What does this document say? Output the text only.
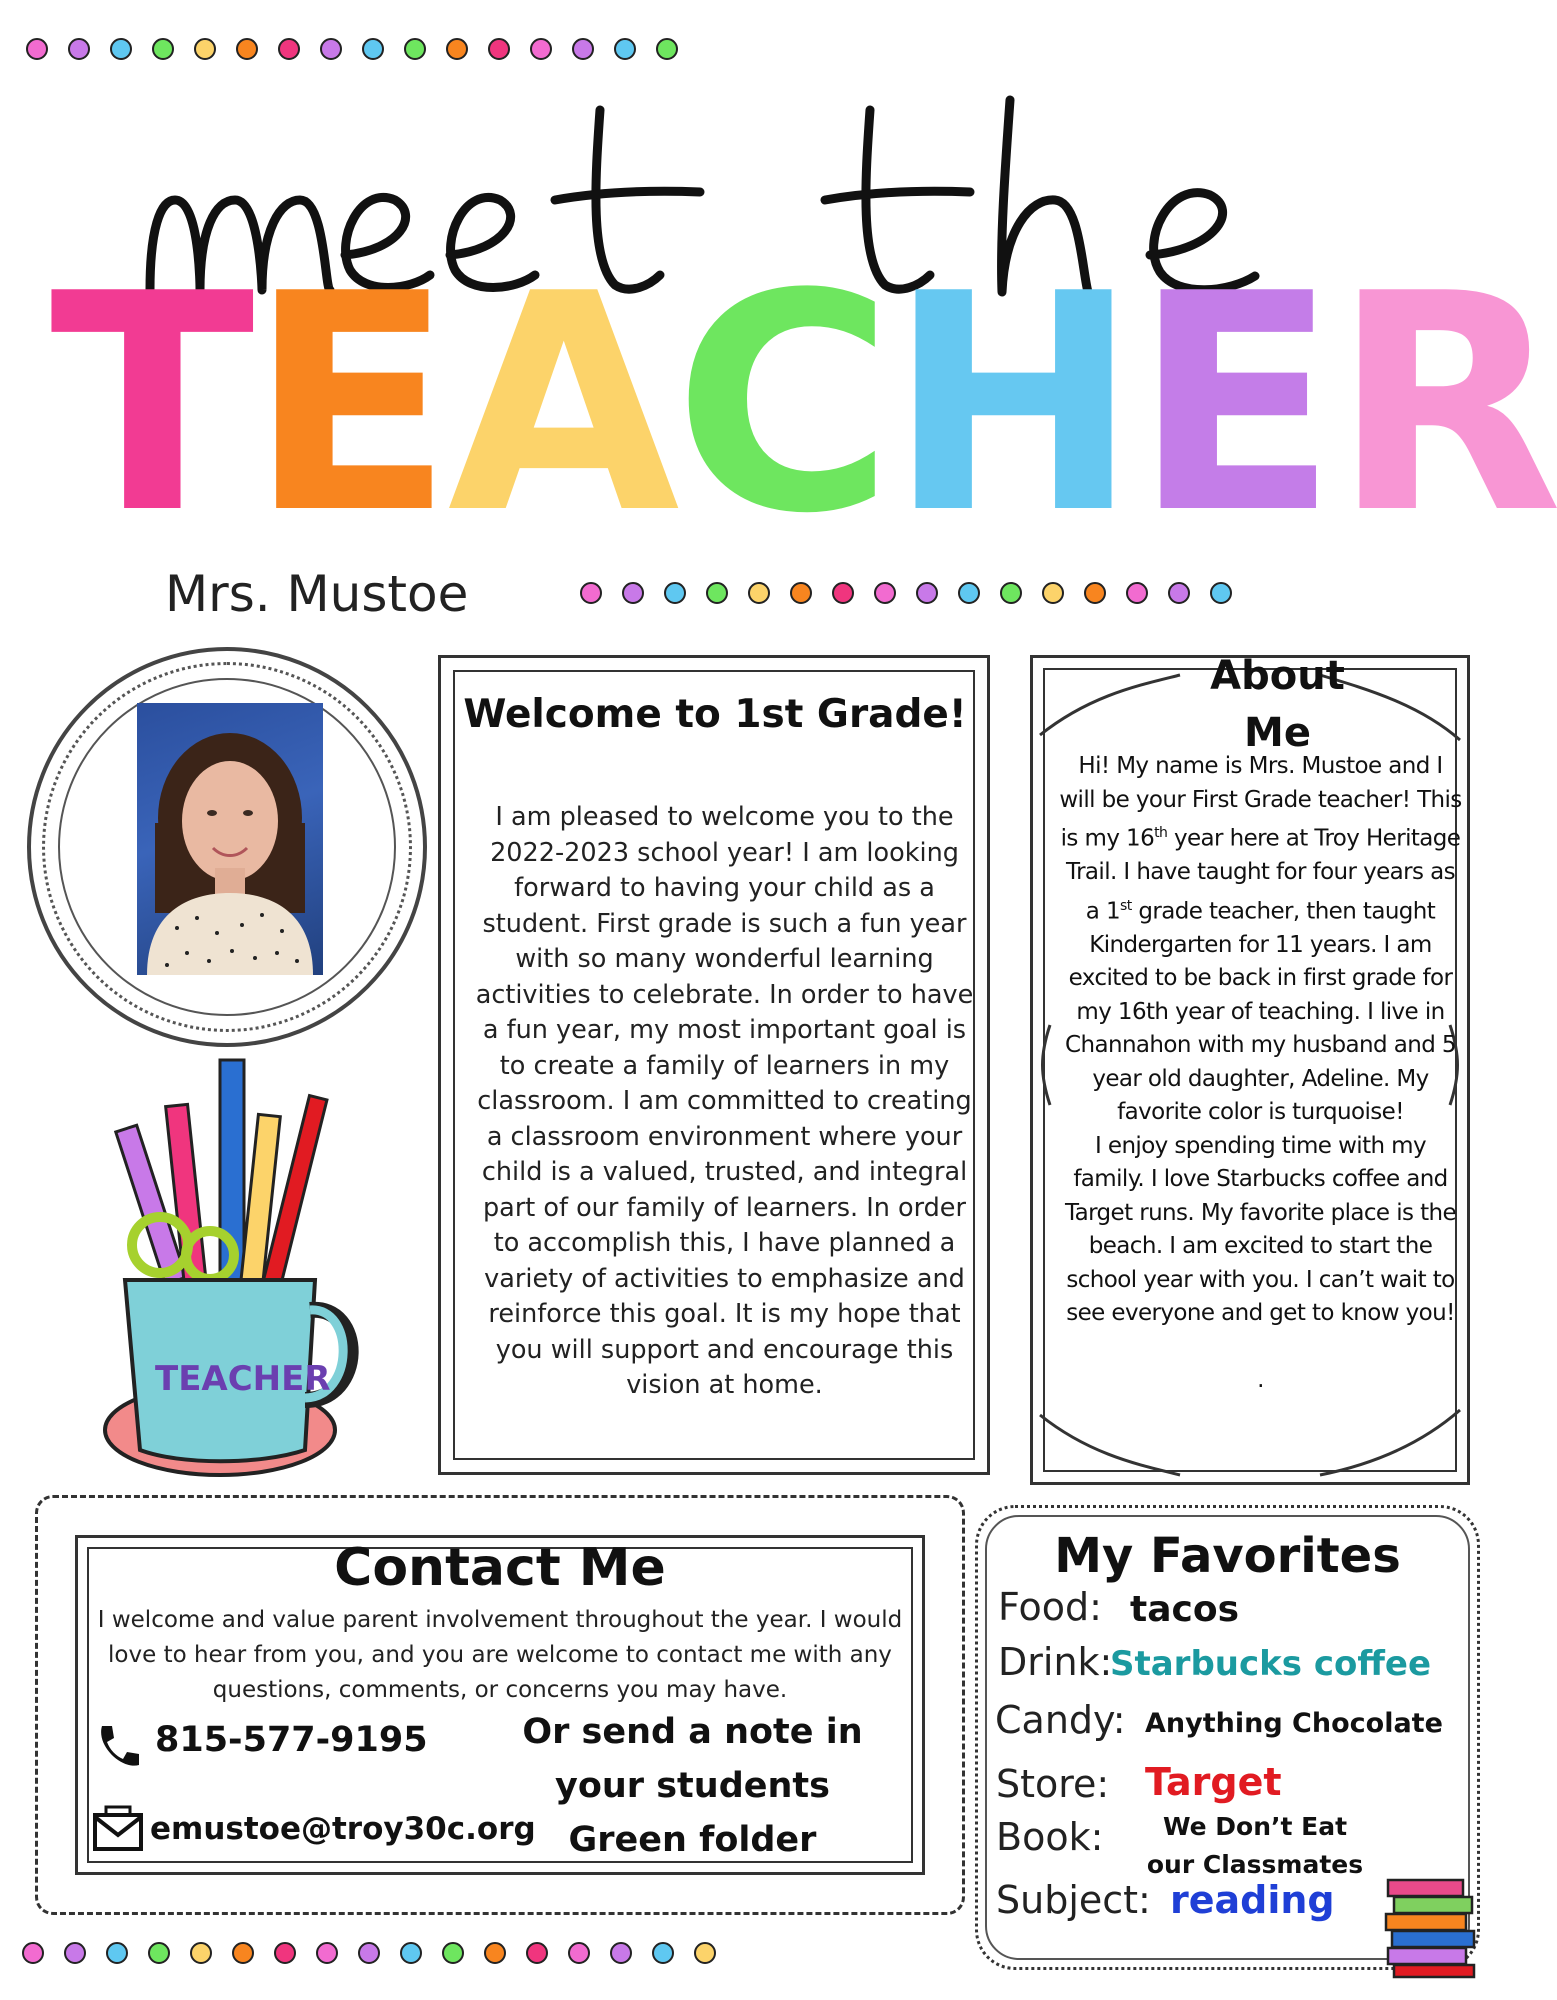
T E A C H E R
Mrs. Mustoe
TEACHER
Welcome to 1st Grade!
I am pleased to welcome you to the 2022-2023 school year! I am looking forward to having your child as a student. First grade is such a fun year with so many wonderful learning activities to celebrate. In order to have a fun year, my most important goal is to create a family of learners in my classroom. I am committed to creating a classroom environment where your child is a valued, trusted, and integral part of our family of learners. In order to accomplish this, I have planned a variety of activities to emphasize and reinforce this goal. It is my hope that you will support and encourage this vision at home.
About
Me
Hi! My name is Mrs. Mustoe and I will be your First Grade teacher! This is my 16th year here at Troy Heritage Trail. I have taught for four years as a 1st grade teacher, then taught Kindergarten for 11 years. I am excited to be back in first grade for my 16th year of teaching. I live in Channahon with my husband and 5 year old daughter, Adeline. My favorite color is turquoise!
I enjoy spending time with my family. I love Starbucks coffee and Target runs. My favorite place is the beach. I am excited to start the school year with you. I can’t wait to see everyone and get to know you!

.
Contact Me
I welcome and value parent involvement throughout the year. I would love to hear from you, and you are welcome to contact me with any questions, comments, or concerns you may have.
815-577-9195
emustoe@troy30c.org
Or send a note in your students Green folder
My Favorites
Food: tacos
Drink:
Starbucks coffee
Candy: Anything Chocolate
Store: Target
Book:	We Don’t Eat our Classmates
Subject: reading
